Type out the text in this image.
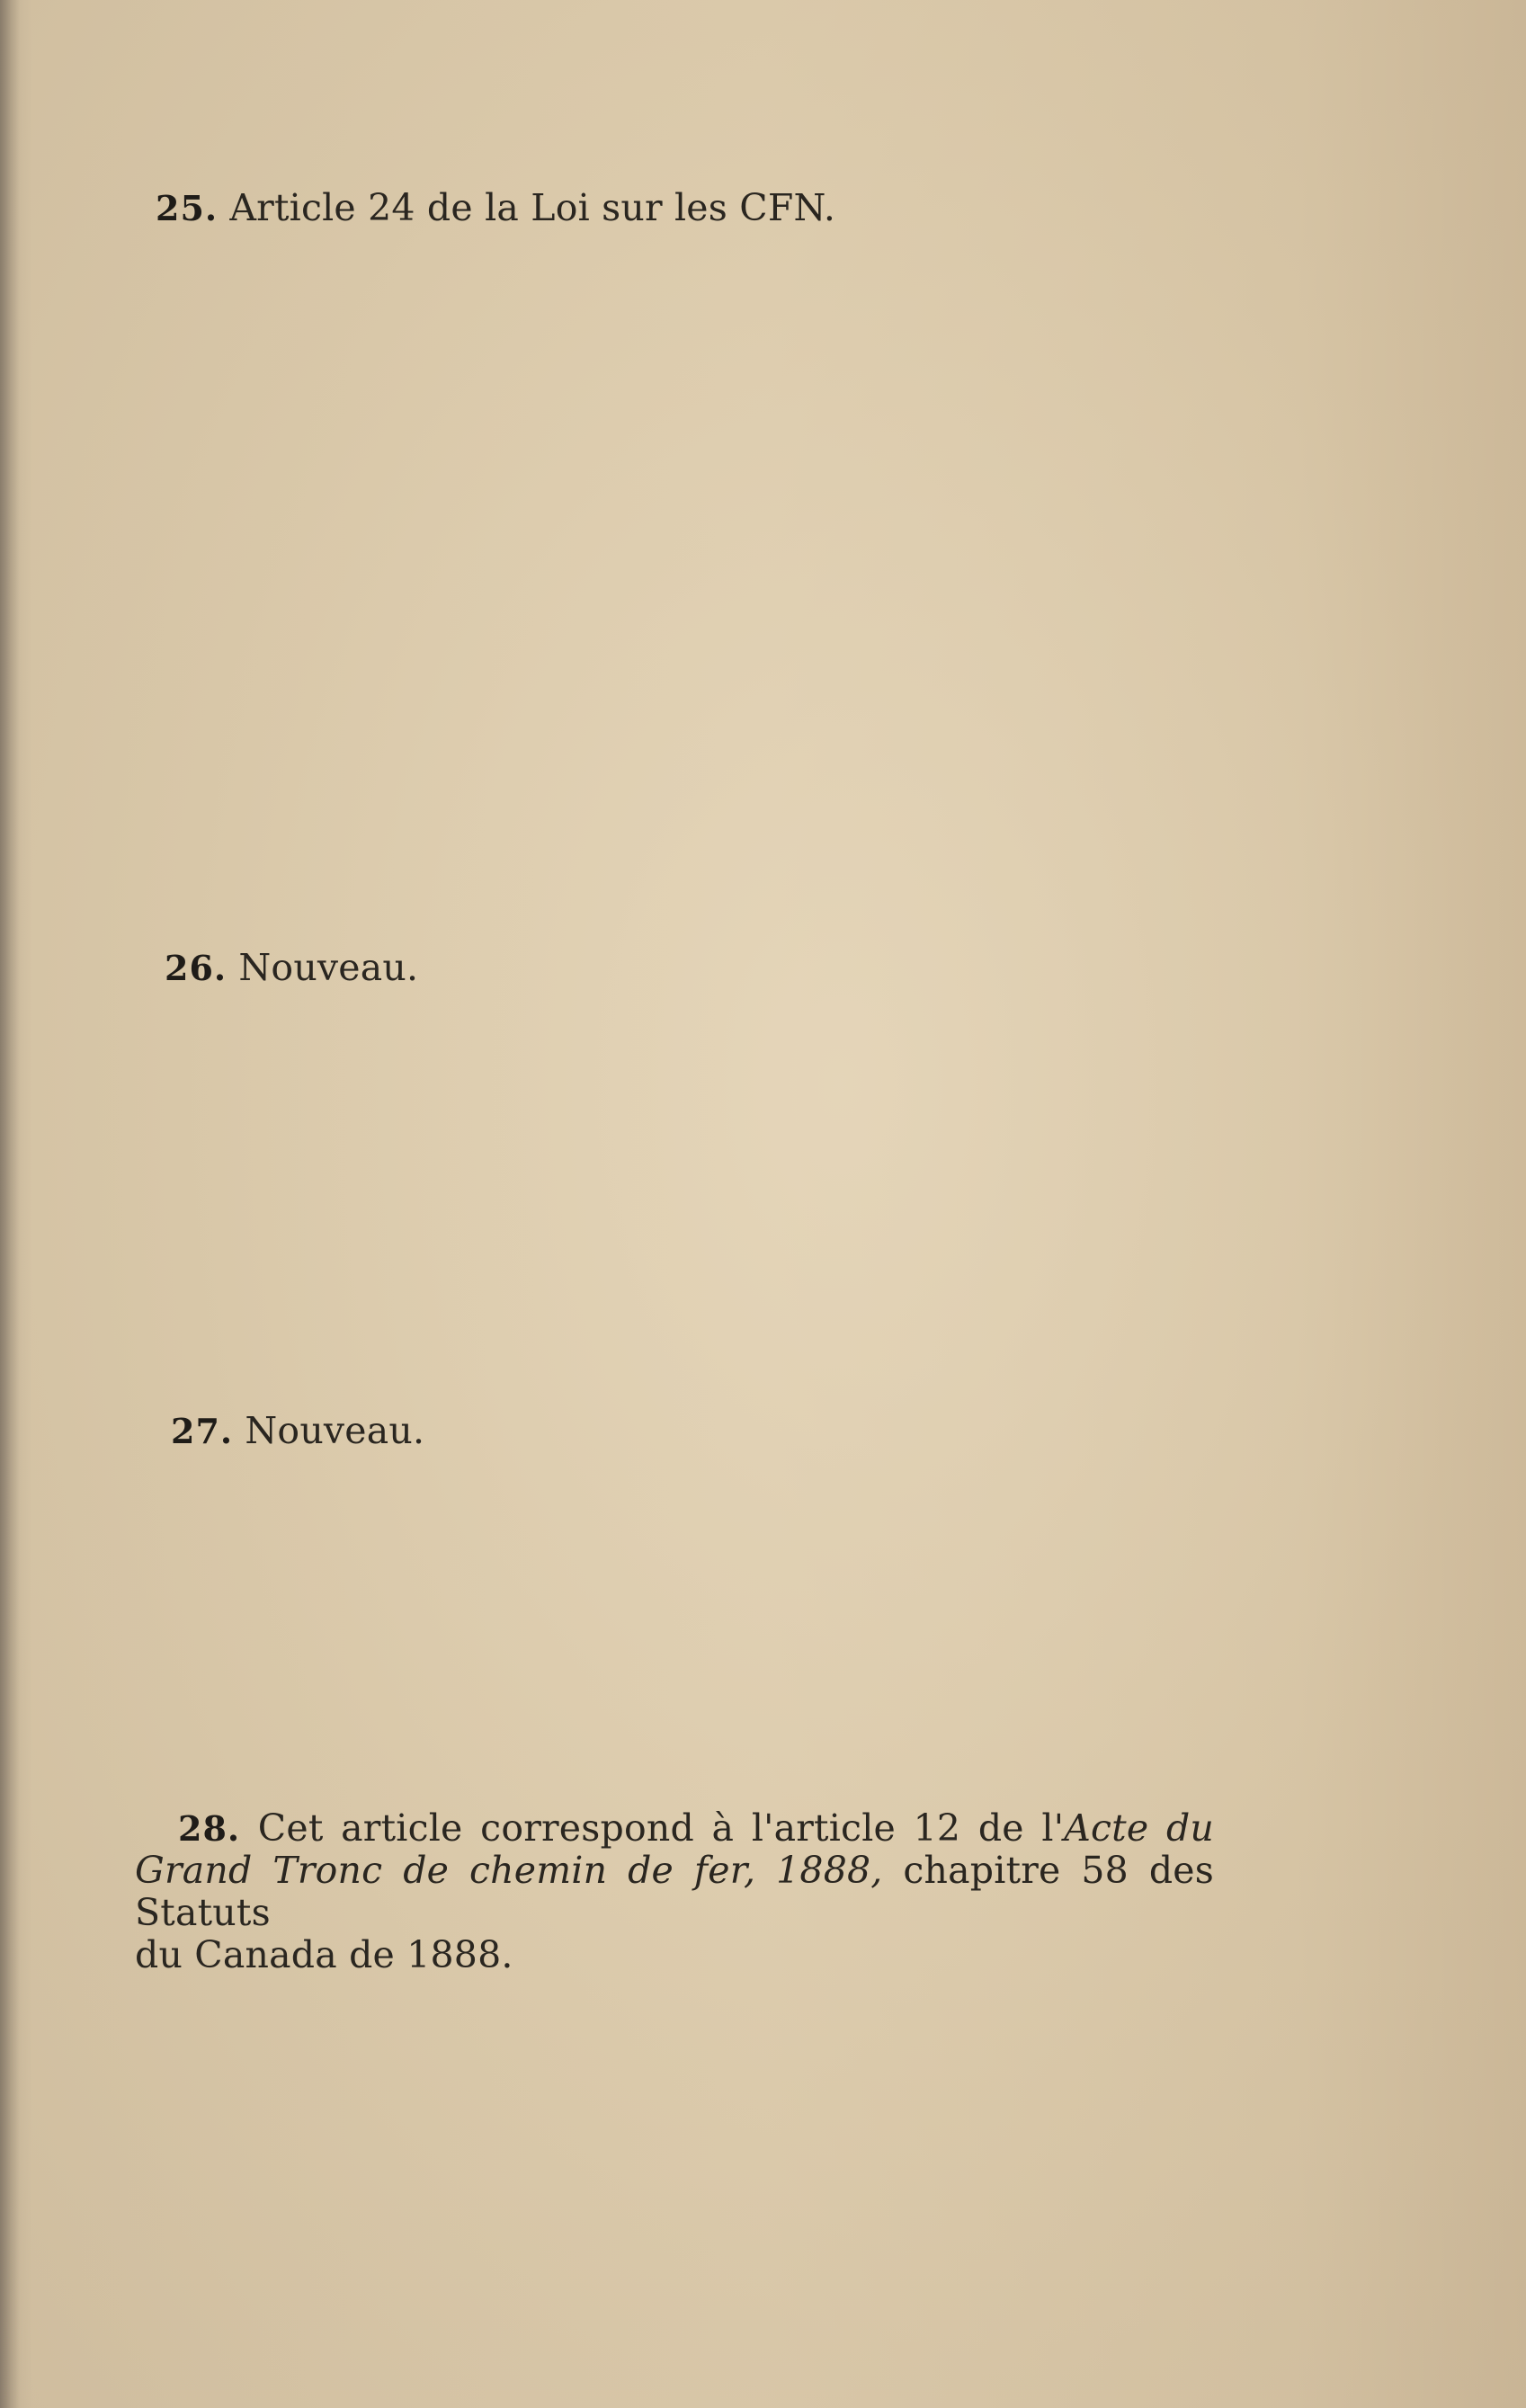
25. Article 24 de la Loi sur les CFN.
26. Nouveau.
27. Nouveau.
28. Cet article correspond à l'article 12 de l'Acte du
Grand Tronc de chemin de fer, 1888, chapitre 58 des Statuts
du Canada de 1888.
